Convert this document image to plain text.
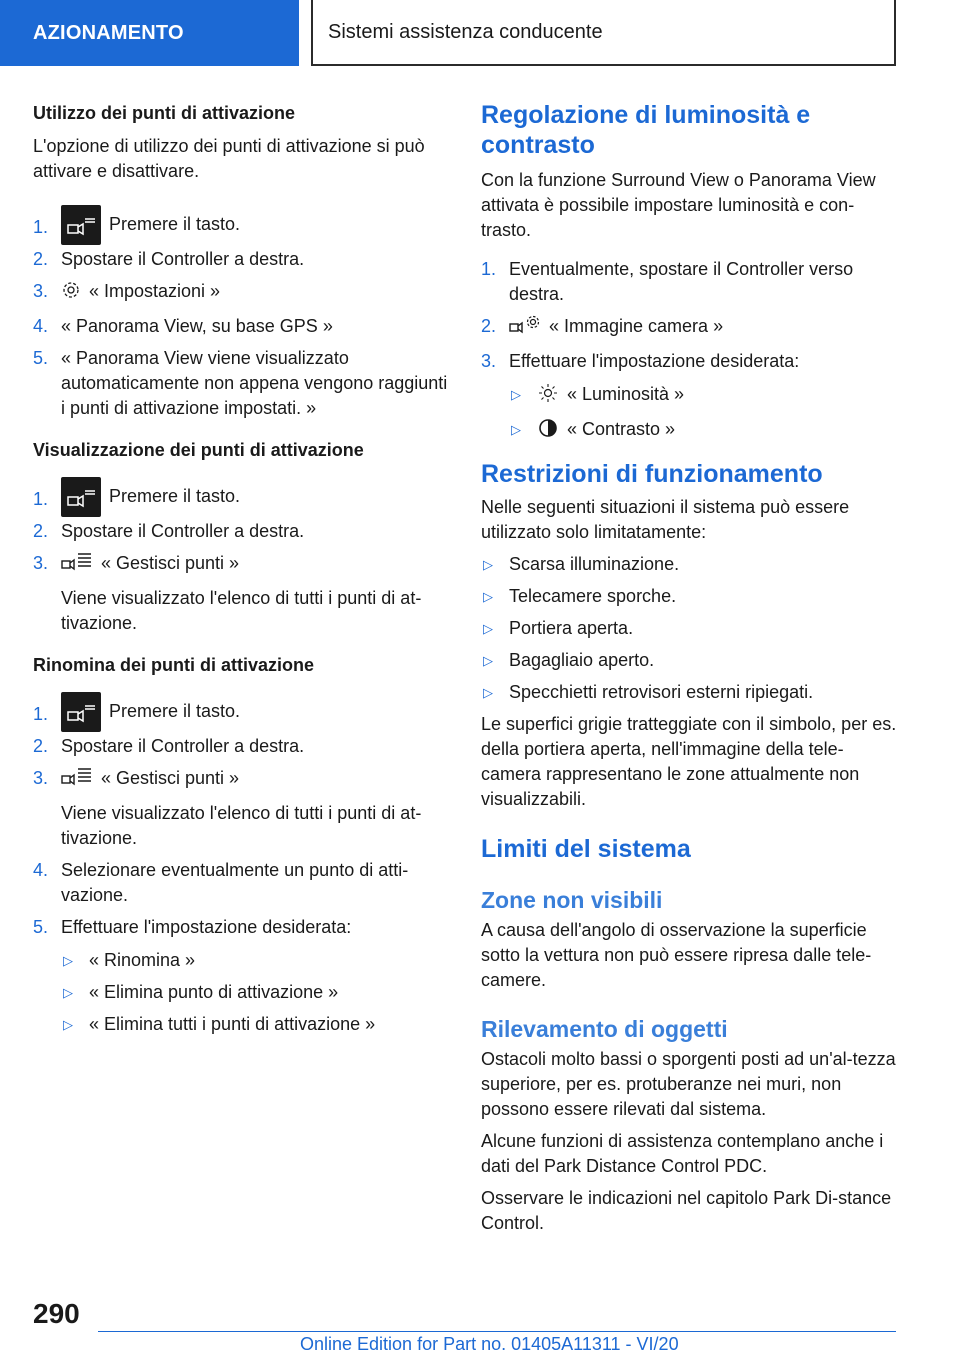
AZIONAMENTO	Sistemi assistenza conducente
Utilizzo dei punti di attivazione

L'opzione di utilizzo dei punti di attivazione si può attivare e disattivare.

1.	Premere il tasto.
2. Spostare il Controller a destra.
3. « Impostazioni »
4. « Panorama View, su base GPS »
5. « Panorama View viene visualizzato automaticamente non appena vengono raggiunti i punti di attivazione impostati. »
Visualizzazione dei punti di attivazione
1.	Premere il tasto.
2. Spostare il Controller a destra.
3.	« Gestisci punti »
Viene visualizzato l'elenco di tutti i punti di at-tivazione.
Rinomina dei punti di attivazione
1.	Premere il tasto.
2. Spostare il Controller a destra.
3.	« Gestisci punti »
Viene visualizzato l'elenco di tutti i punti di at-tivazione.
4. Selezionare eventualmente un punto di atti-vazione.
5. Effettuare l'impostazione desiderata:
▷ « Rinomina »
▷ « Elimina punto di attivazione »
▷ « Elimina tutti i punti di attivazione »
Regolazione di luminosità e contrasto

Con la funzione Surround View o Panorama View attivata è possibile impostare luminosità e con-trasto.

1. Eventualmente, spostare il Controller verso destra.
2.	« Immagine camera »
3. Effettuare l'impostazione desiderata:
▷	« Luminosità »
▷	« Contrasto »
Restrizioni di funzionamento

Nelle seguenti situazioni il sistema può essere utilizzato solo limitatamente:

▷ Scarsa illuminazione.
▷ Telecamere sporche.
▷ Portiera aperta.
▷ Bagagliaio aperto.
▷ Specchietti retrovisori esterni ripiegati.

Le superfici grigie tratteggiate con il simbolo, per es. della portiera aperta, nell'immagine della tele-camera rappresentano le zone attualmente non visualizzabili.

Limiti del sistema
Zone non visibili

A causa dell'angolo di osservazione la superficie sotto la vettura non può essere ripresa dalle tele-camere.

Rilevamento di oggetti

Ostacoli molto bassi o sporgenti posti ad un'al-tezza superiore, per es. protuberanze nei muri, non possono essere rilevati dal sistema.

Alcune funzioni di assistenza contemplano anche i dati del Park Distance Control PDC.

Osservare le indicazioni nel capitolo Park Di-stance Control.

290
Online Edition for Part no. 01405A11311 - VI/20
